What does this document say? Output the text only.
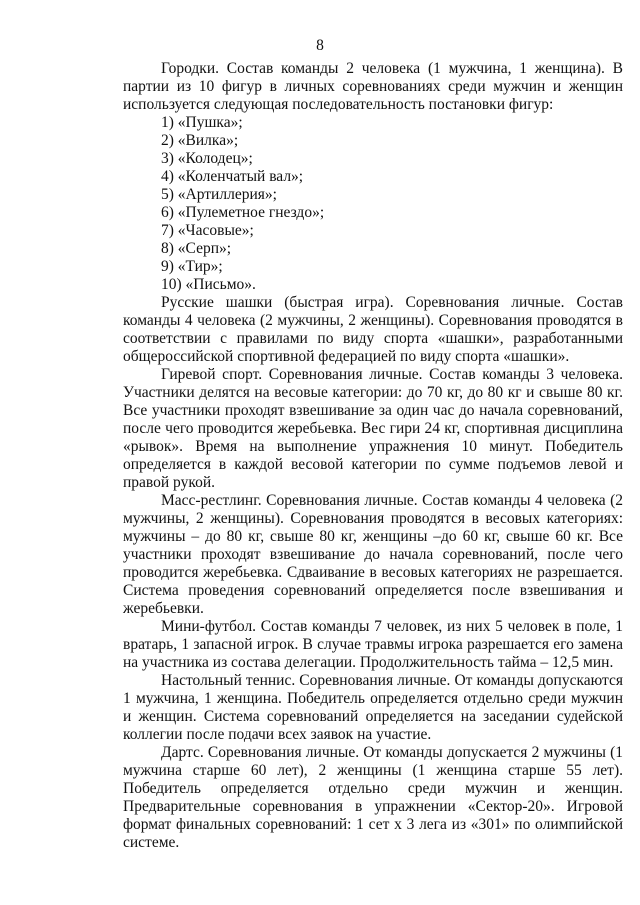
8

Городки. Состав команды 2 человека (1 мужчина, 1 женщина). В партии из 10 фигур в личных соревнованиях среди мужчин и женщин используется следующая последовательность постановки фигур:

1) «Пушка»;
2) «Вилка»;
3) «Колодец»;
4) «Коленчатый вал»;
5) «Артиллерия»;
6) «Пулеметное гнездо»;
7) «Часовые»;
8) «Серп»;
9) «Тир»;
10) «Письмо».

Русские шашки (быстрая игра). Соревнования личные. Состав команды 4 человека (2 мужчины, 2 женщины). Соревнования проводятся в соответствии с правилами по виду спорта «шашки», разработанными общероссийской спортивной федерацией по виду спорта «шашки».

Гиревой спорт. Соревнования личные. Состав команды 3 человека. Участники делятся на весовые категории: до 70 кг, до 80 кг и свыше 80 кг. Все участники проходят взвешивание за один час до начала соревнований, после чего проводится жеребьевка. Вес гири 24 кг, спортивная дисциплина «рывок». Время на выполнение упражнения 10 минут. Победитель определяется в каждой весовой категории по сумме подъемов левой и правой рукой.

Масс-рестлинг. Соревнования личные. Состав команды 4 человека (2 мужчины, 2 женщины). Соревнования проводятся в весовых категориях: мужчины – до 80 кг, свыше 80 кг, женщины –до 60 кг, свыше 60 кг. Все участники проходят взвешивание до начала соревнований, после чего проводится жеребьевка. Сдваивание в весовых категориях не разрешается. Система проведения соревнований определяется после взвешивания и жеребьевки.

Мини-футбол. Состав команды 7 человек, из них 5 человек в поле, 1 вратарь, 1 запасной игрок. В случае травмы игрока разрешается его замена на участника из состава делегации. Продолжительность тайма – 12,5 мин.

Настольный теннис. Соревнования личные. От команды допускаются 1 мужчина, 1 женщина. Победитель определяется отдельно среди мужчин и женщин. Система соревнований определяется на заседании судейской коллегии после подачи всех заявок на участие.

Дартс. Соревнования личные. От команды допускается 2 мужчины (1 мужчина старше 60 лет), 2 женщины (1 женщина старше 55 лет). Победитель определяется отдельно среди мужчин и женщин. Предварительные соревнования в упражнении «Сектор-20». Игровой формат финальных соревнований: 1 сет х 3 лега из «301» по олимпийской системе.
